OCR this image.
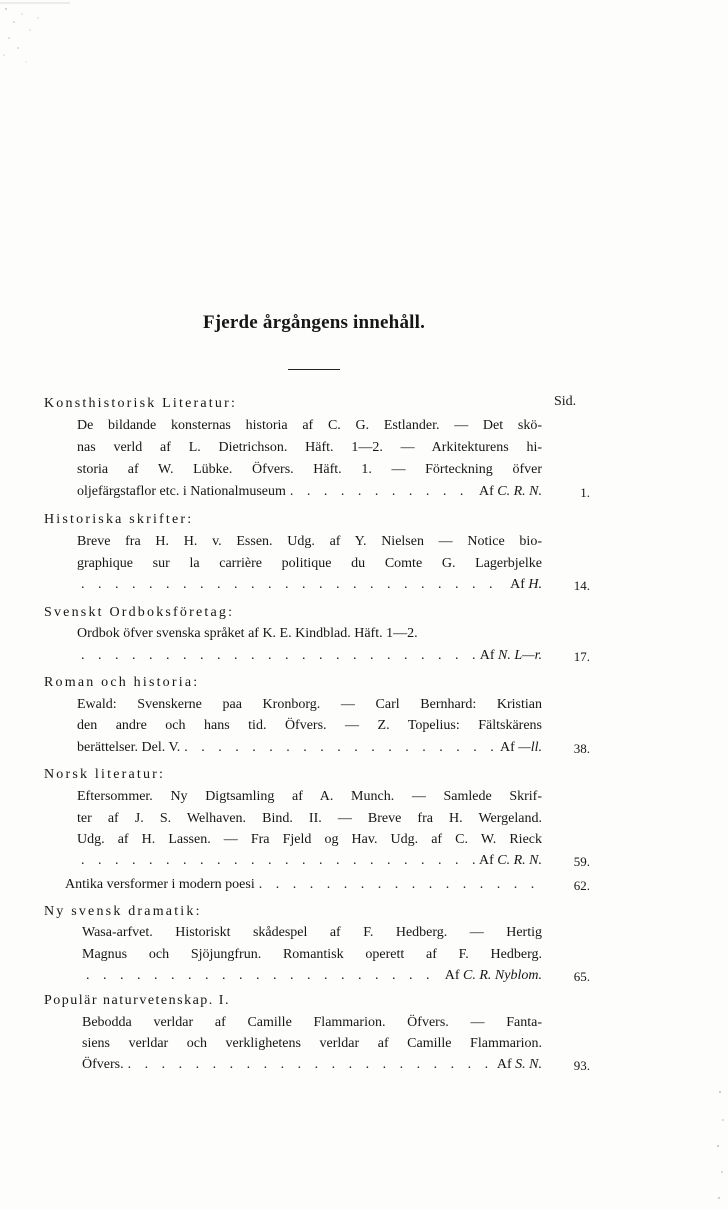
Fjerde årgångens innehåll.
Sid.
Konsthistorisk Literatur:
De bildande konsternas historia af C. G. Estlander. — Det skö-
nas verld af L. Dietrichson. Häft. 1—2. — Arkitekturens hi-
storia af W. Lübke. Öfvers. Häft. 1. — Förteckning öfver
oljefärgstaflor etc. i Nationalmuseum . . .	Af C. R. N.	1.
Historiska skrifter:
Breve fra H. H. v. Essen. Udg. af Y. Nielsen — Notice bio-
graphique sur la carrière politique du Comte G. Lagerbjelke
. . .
Af H. 14.
Svenskt Ordboksföretag:
Ordbok öfver svenska språket af K. E. Kindblad. Häft. 1—2.
. . .
Af N. L—r. 17.
Roman och historia:
Ewald: Svenskerne paa Kronborg. — Carl Bernhard: Kristian
den andre och hans tid. Öfvers. — Z. Topelius: Fältskärens
berättelser. Del. V. . . .	Af —ll. 38.
Norsk literatur:
Eftersommer. Ny Digtsamling af A. Munch. — Samlede Skrif-
ter af J. S. Welhaven. Bind. II. — Breve fra H. Wergeland.
Udg. af H. Lassen. — Fra Fjeld og Hav. Udg. af C. W. Rieck
. . .
Af C. R. N. 59.
Antika versformer i modern poesi . . .	62.
Ny svensk dramatik:
Wasa-arfvet. Historiskt skådespel af F. Hedberg. — Hertig
Magnus och Sjöjungfrun. Romantisk operett af F. Hedberg.
. . .
Af C. R. Nyblom. 65.
Populär naturvetenskap. I.
Bebodda verldar af Camille Flammarion. Öfvers. — Fanta-
siens verldar och verklighetens verldar af Camille Flammarion.
Öfvers. . . .	Af S. N. 93.
